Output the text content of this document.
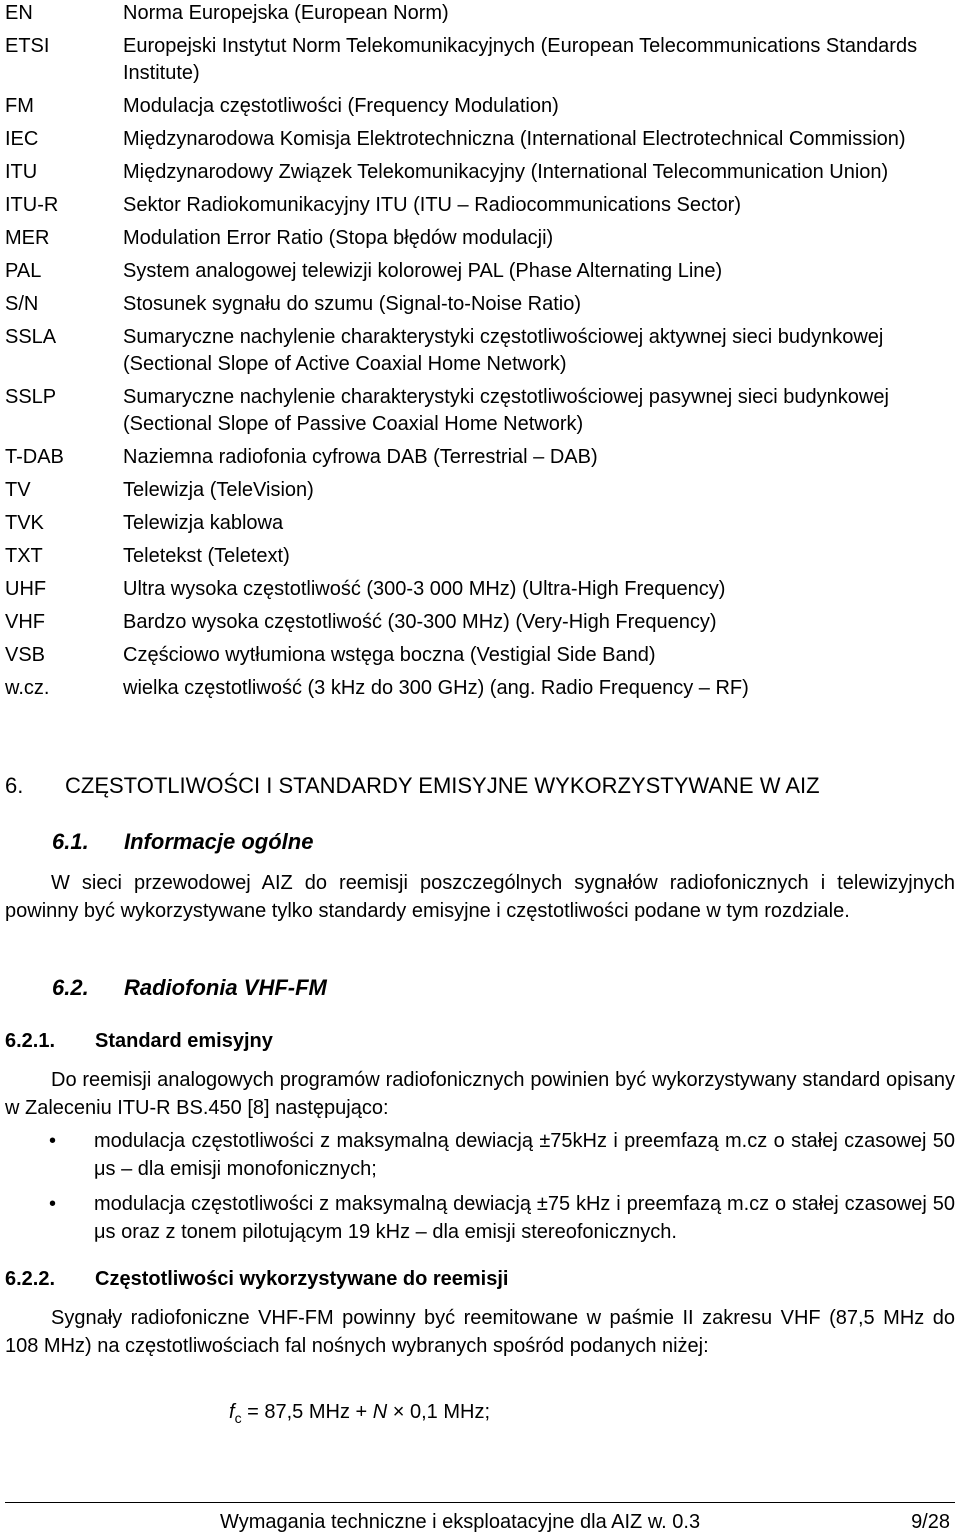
EN	Norma Europejska (European Norm)
ETSI	Europejski Instytut Norm Telekomunikacyjnych (European Telecommunications Standards Institute)
FM	Modulacja częstotliwości (Frequency Modulation)
IEC	Międzynarodowa Komisja Elektrotechniczna (International Electrotechnical Commission)
ITU	Międzynarodowy Związek Telekomunikacyjny (International Telecommunication Union)
ITU-R	Sektor Radiokomunikacyjny ITU (ITU – Radiocommunications Sector)
MER	Modulation Error Ratio (Stopa błędów modulacji)
PAL	System analogowej telewizji kolorowej PAL (Phase Alternating Line)
S/N	Stosunek sygnału do szumu (Signal-to-Noise Ratio)
SSLA	Sumaryczne nachylenie charakterystyki częstotliwościowej aktywnej sieci budynkowej (Sectional Slope of Active Coaxial Home Network)
SSLP	Sumaryczne nachylenie charakterystyki częstotliwościowej pasywnej sieci budynkowej (Sectional Slope of Passive Coaxial Home Network)
T-DAB	Naziemna radiofonia cyfrowa DAB (Terrestrial – DAB)
TV	Telewizja (TeleVision)
TVK	Telewizja kablowa
TXT	Teletekst (Teletext)
UHF	Ultra wysoka częstotliwość (300-3 000 MHz) (Ultra-High Frequency)
VHF	Bardzo wysoka częstotliwość (30-300 MHz) (Very-High Frequency)
VSB	Częściowo wytłumiona wstęga boczna (Vestigial Side Band)
w.cz.	wielka częstotliwość (3 kHz do 300 GHz) (ang. Radio Frequency – RF)
6. CZĘSTOTLIWOŚCI I STANDARDY EMISYJNE WYKORZYSTYWANE W AIZ
6.1. Informacje ogólne

W sieci przewodowej AIZ do reemisji poszczególnych sygnałów radiofonicznych i telewizyjnych powinny być wykorzystywane tylko standardy emisyjne i częstotliwości podane w tym rozdziale.

6.2. Radiofonia VHF-FM
6.2.1. Standard emisyjny

Do reemisji analogowych programów radiofonicznych powinien być wykorzystywany standard opisany w Zaleceniu ITU-R BS.450 [8] następująco:

• modulacja częstotliwości z maksymalną dewiacją ±75kHz i preemfazą m.cz o stałej czasowej 50 μs – dla emisji monofonicznych;
• modulacja częstotliwości z maksymalną dewiacją ±75 kHz i preemfazą m.cz o stałej czasowej 50 μs oraz z tonem pilotującym 19 kHz – dla emisji stereofonicznych.
6.2.2. Częstotliwości wykorzystywane do reemisji

Sygnały radiofoniczne VHF-FM powinny być reemitowane w paśmie II zakresu VHF (87,5 MHz do 108 MHz) na częstotliwościach fal nośnych wybranych spośród podanych niżej:

$f_c = 87,5$ MHz + N × 0,1 MHz;
Wymagania techniczne i eksploatacyjne dla AIZ w. 0.3	9/28
